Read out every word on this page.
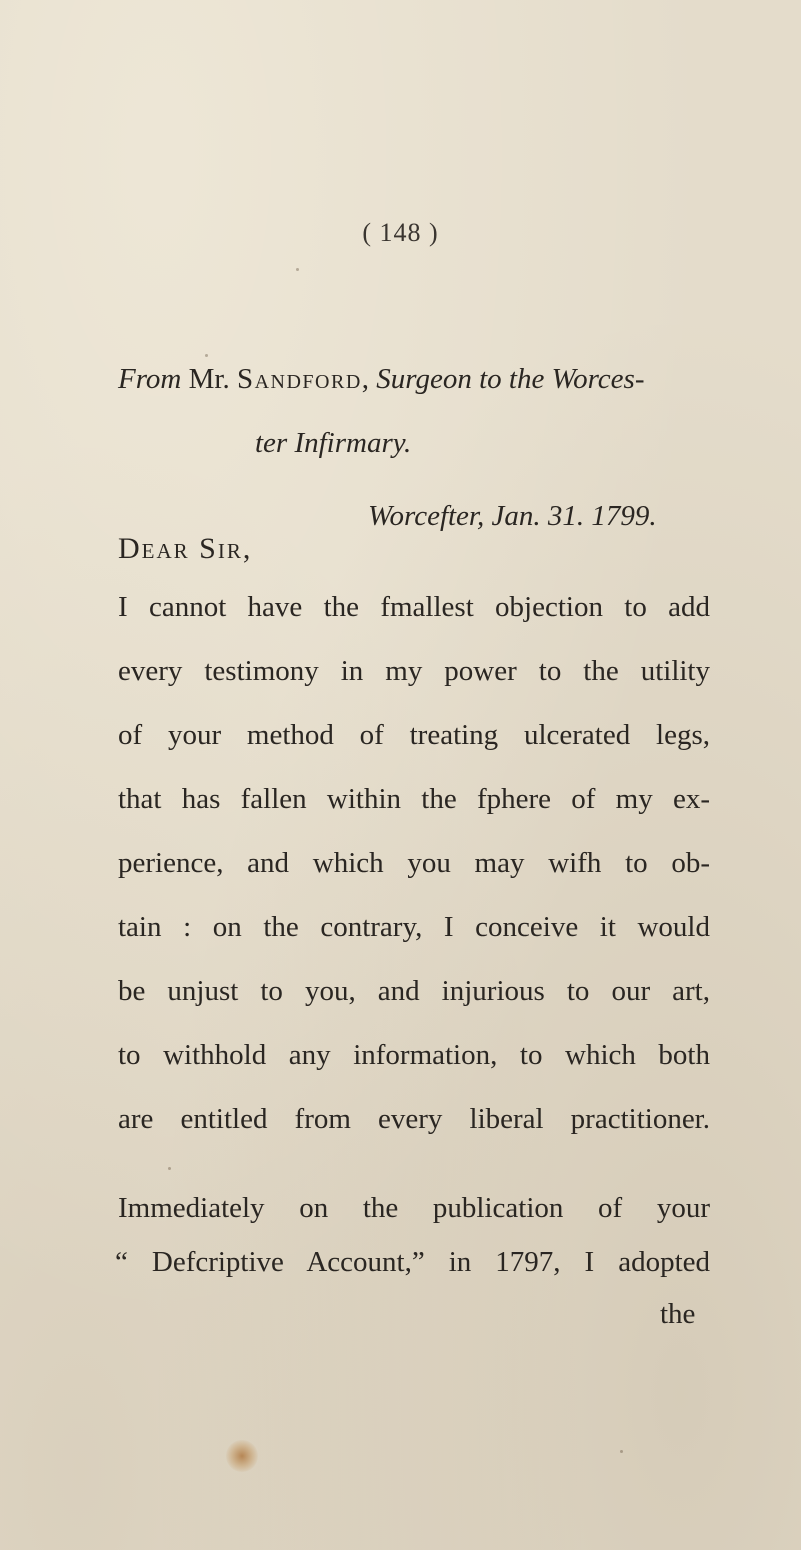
( 148 )
From Mr. Sandford, Surgeon to the Worces-
ter Infirmary.
Worcefter, Jan. 31. 1799.
Dear Sir,
I cannot have the fmallest objection to add
every testimony in my power to the utility
of your method of treating ulcerated legs,
that has fallen within the fphere of my ex-
perience, and which you may wifh to ob-
tain : on the contrary, I conceive it would
be unjust to you, and injurious to our art,
to withhold any information, to which both
are entitled from every liberal practitioner.
Immediately on the publication of your
“ Defcriptive Account,” in 1797, I adopted
the
